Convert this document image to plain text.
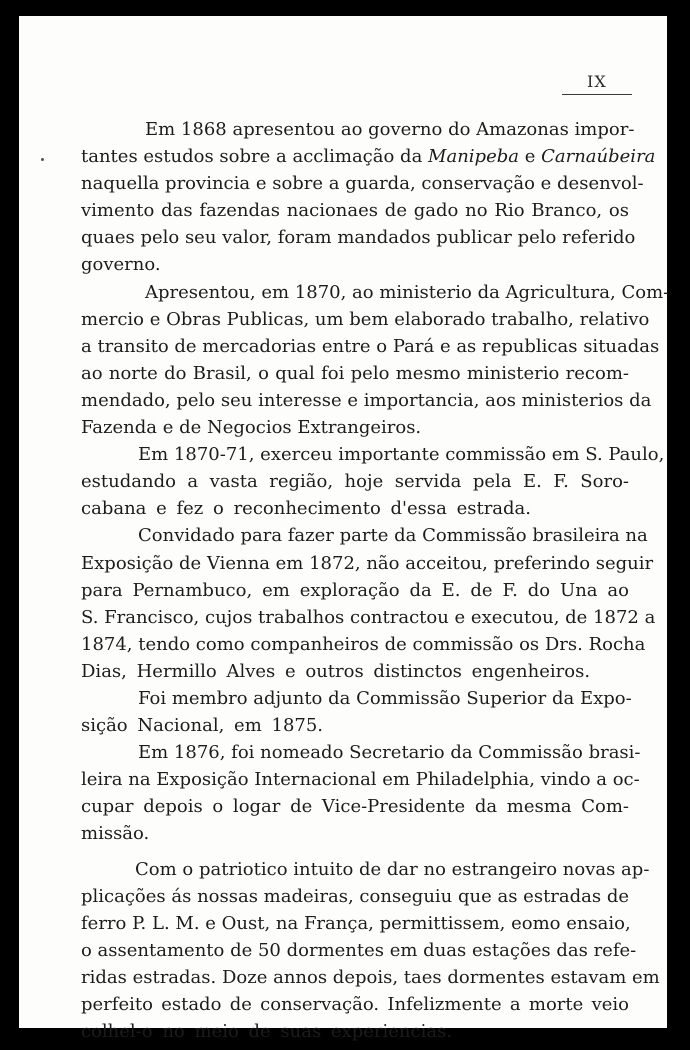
IX
Em 1868 apresentou ao governo do Amazonas impor-
tantes estudos sobre a acclimação da Manipeba e Carnaúbeira
naquella provincia e sobre a guarda, conservação e desenvol-
vimento das fazendas nacionaes de gado no Rio Branco, os
quaes pelo seu valor, foram mandados publicar pelo referido
governo.
Apresentou, em 1870, ao ministerio da Agricultura, Com-
mercio e Obras Publicas, um bem elaborado trabalho, relativo
a transito de mercadorias entre o Pará e as republicas situadas
ao norte do Brasil, o qual foi pelo mesmo ministerio recom-
mendado, pelo seu interesse e importancia, aos ministerios da
Fazenda e de Negocios Extrangeiros.
Em 1870-71, exerceu importante commissão em S. Paulo,
estudando a vasta região, hoje servida pela E. F. Soro-
cabana e fez o reconhecimento d'essa estrada.
Convidado para fazer parte da Commissão brasileira na
Exposição de Vienna em 1872, não acceitou, preferindo seguir
para Pernambuco, em exploração da E. de F. do Una ao
S. Francisco, cujos trabalhos contractou e executou, de 1872 a
1874, tendo como companheiros de commissão os Drs. Rocha
Dias, Hermillo Alves e outros distinctos engenheiros.
Foi membro adjunto da Commissão Superior da Expo-
sição Nacional, em 1875.
Em 1876, foi nomeado Secretario da Commissão brasi-
leira na Exposição Internacional em Philadelphia, vindo a oc-
cupar depois o logar de Vice-Presidente da mesma Com-
missão.
Com o patriotico intuito de dar no estrangeiro novas ap-
plicações ás nossas madeiras, conseguiu que as estradas de
ferro P. L. M. e Oust, na França, permittissem, eomo ensaio,
o assentamento de 50 dormentes em duas estações das refe-
ridas estradas. Doze annos depois, taes dormentes estavam em
perfeito estado de conservação. Infelizmente a morte veio
colhel-o no meio de suas experiencias.
